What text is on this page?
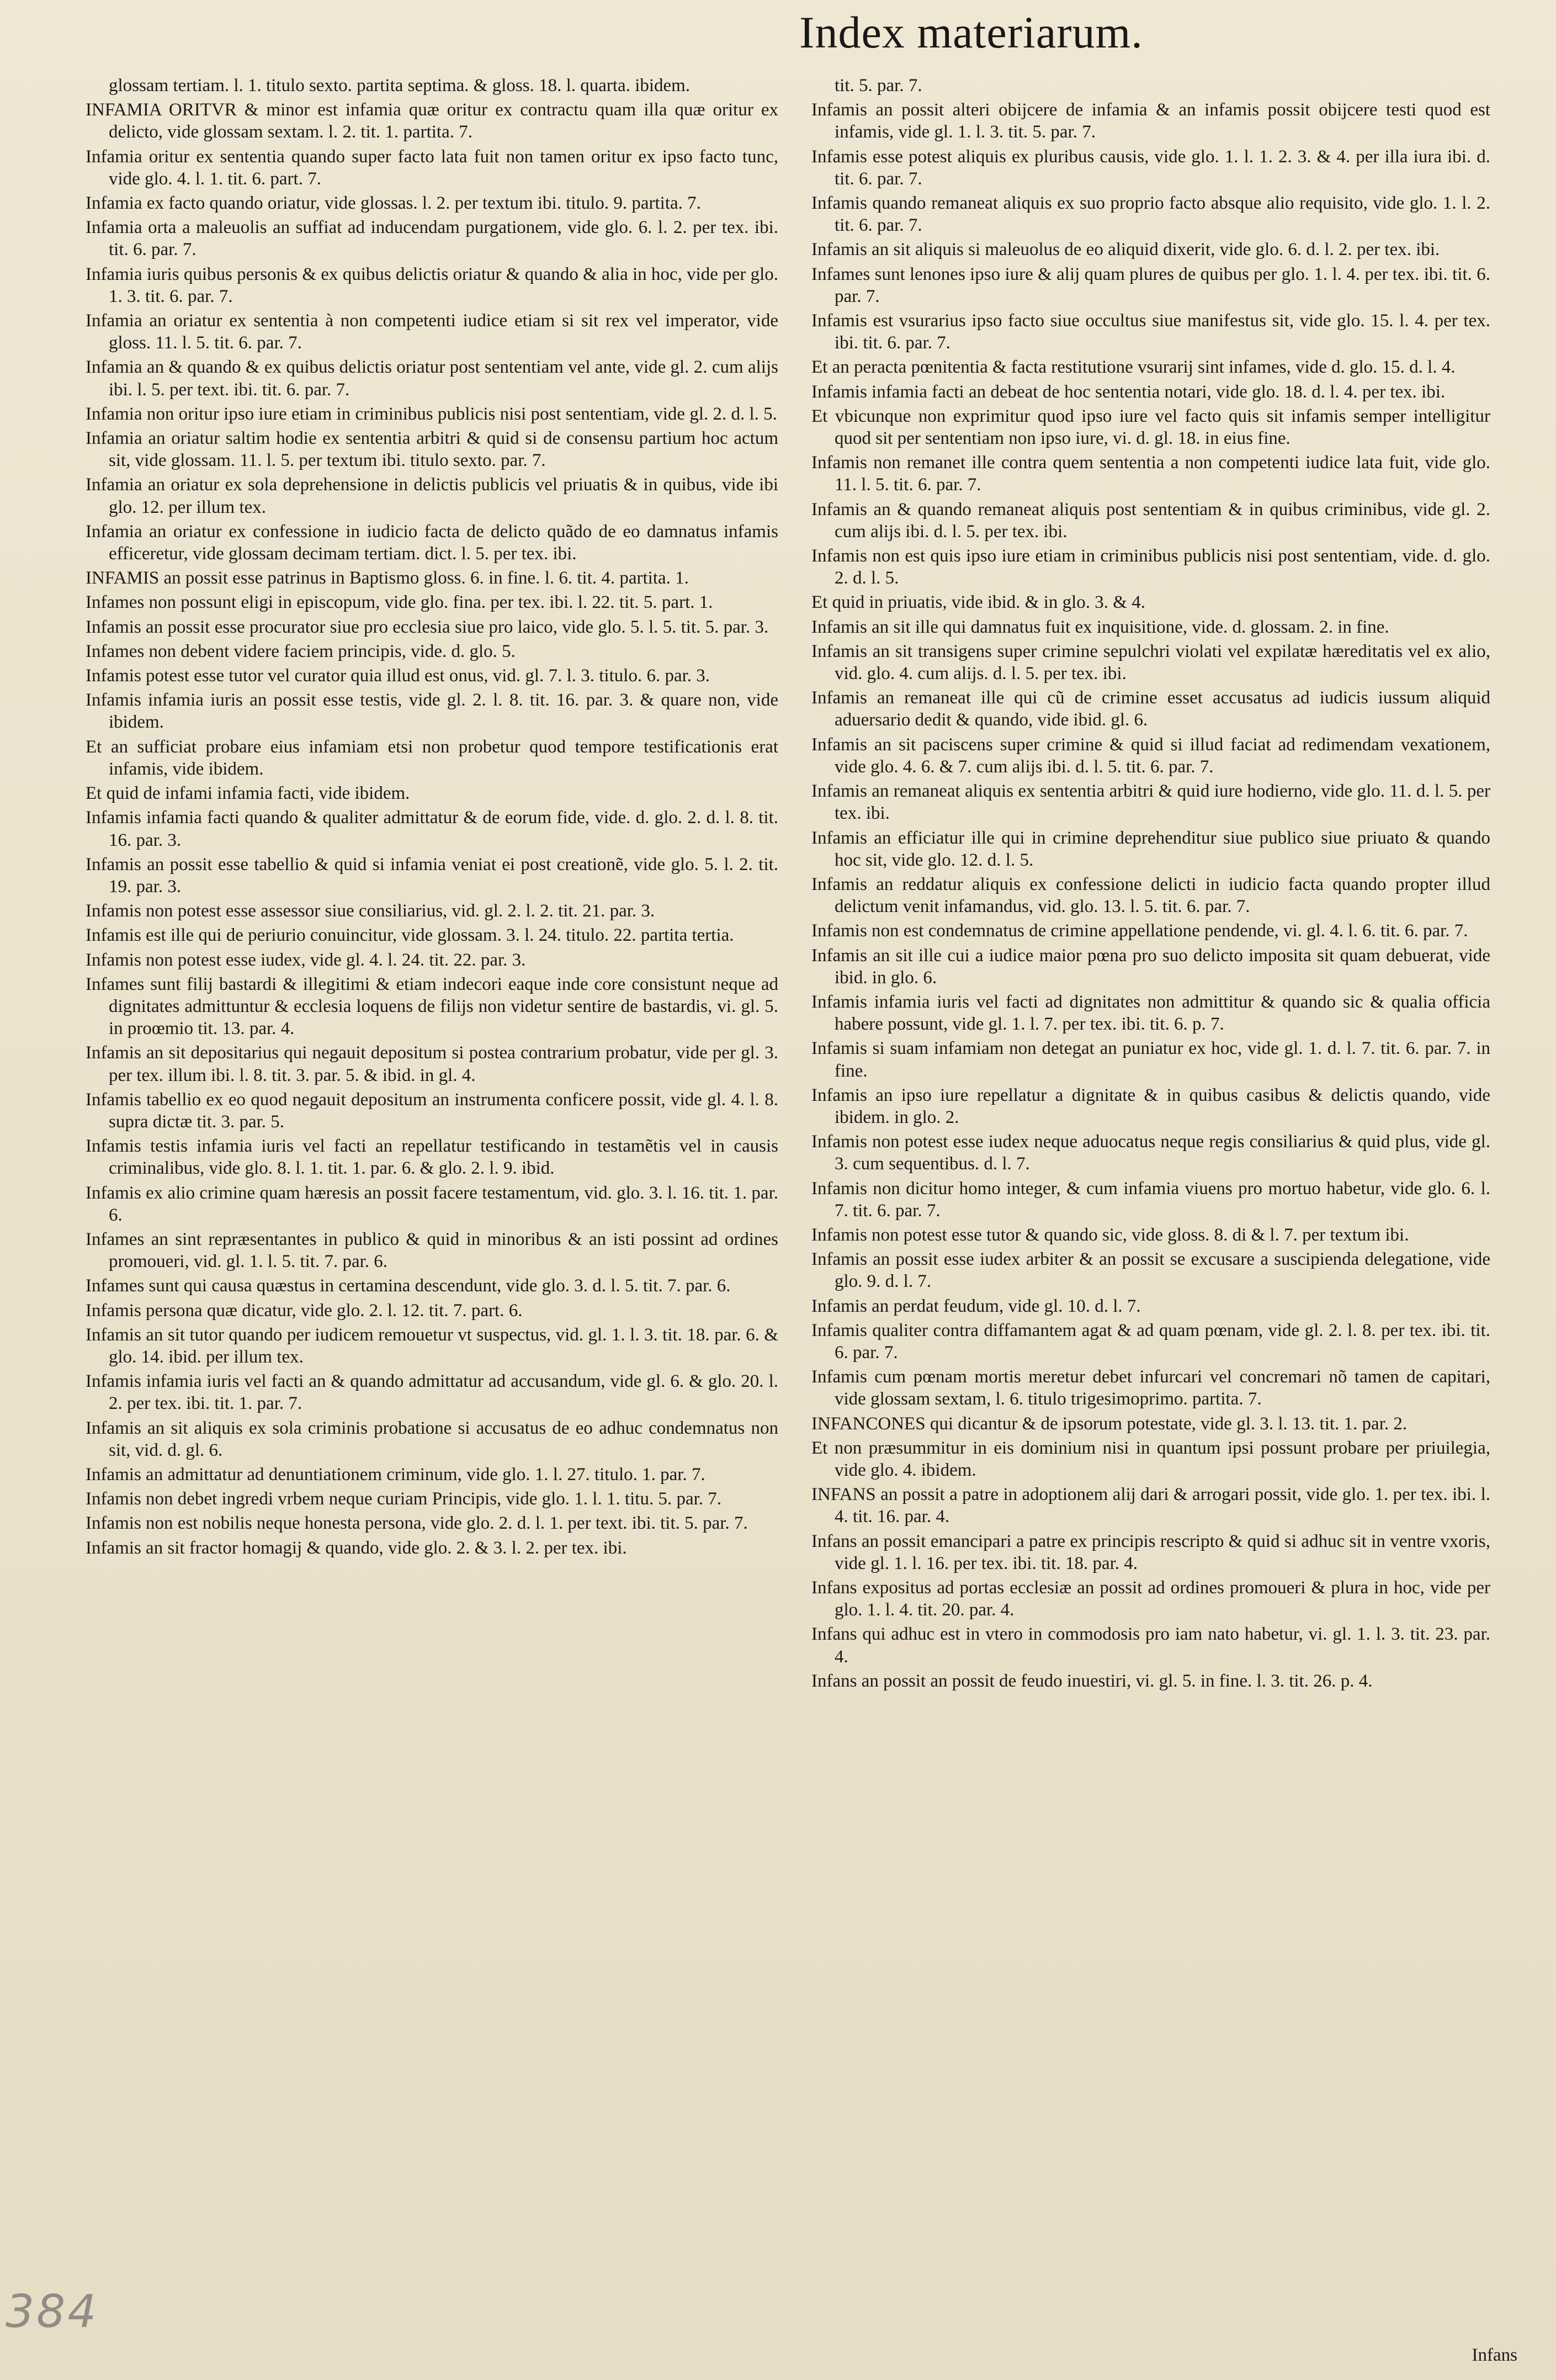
Index materiarum.
glossam tertiam. l. 1. titulo sexto. partita septima. & gloss. 18. l. quarta. ibidem.
INFAMIA ORITVR & minor est infamia quæ oritur ex contractu quam illa quæ oritur ex delicto, vide glossam sextam. l. 2. tit. 1. partita. 7.
Infamia oritur ex sententia quando super facto lata fuit non tamen oritur ex ipso facto tunc, vide glo. 4. l. 1. tit. 6. part. 7.
Infamia ex facto quando oriatur, vide glossas. l. 2. per textum ibi. titulo. 9. partita. 7.
Infamia orta a maleuolis an suffiat ad inducendam purgationem, vide glo. 6. l. 2. per tex. ibi. tit. 6. par. 7.
Infamia iuris quibus personis & ex quibus delictis oriatur & quando & alia in hoc, vide per glo. 1. 3. tit. 6. par. 7.
Infamia an oriatur ex sententia à non competenti iudice etiam si sit rex vel imperator, vide gloss. 11. l. 5. tit. 6. par. 7.
Infamia an & quando & ex quibus delictis oriatur post sententiam vel ante, vide gl. 2. cum alijs ibi. l. 5. per text. ibi. tit. 6. par. 7.
Infamia non oritur ipso iure etiam in criminibus publicis nisi post sententiam, vide gl. 2. d. l. 5.
Infamia an oriatur saltim hodie ex sententia arbitri & quid si de consensu partium hoc actum sit, vide glossam. 11. l. 5. per textum ibi. titulo sexto. par. 7.
Infamia an oriatur ex sola deprehensione in delictis publicis vel priuatis & in quibus, vide ibi glo. 12. per illum tex.
Infamia an oriatur ex confessione in iudicio facta de delicto quãdo de eo damnatus infamis efficeretur, vide glossam decimam tertiam. dict. l. 5. per tex. ibi.
INFAMIS an possit esse patrinus in Baptismo gloss. 6. in fine. l. 6. tit. 4. partita. 1.
Infames non possunt eligi in episcopum, vide glo. fina. per tex. ibi. l. 22. tit. 5. part. 1.
Infamis an possit esse procurator siue pro ecclesia siue pro laico, vide glo. 5. l. 5. tit. 5. par. 3.
Infames non debent videre faciem principis, vide. d. glo. 5.
Infamis potest esse tutor vel curator quia illud est onus, vid. gl. 7. l. 3. titulo. 6. par. 3.
Infamis infamia iuris an possit esse testis, vide gl. 2. l. 8. tit. 16. par. 3. & quare non, vide ibidem.
Et an sufficiat probare eius infamiam etsi non probetur quod tempore testificationis erat infamis, vide ibidem.
Et quid de infami infamia facti, vide ibidem.
Infamis infamia facti quando & qualiter admittatur & de eorum fide, vide. d. glo. 2. d. l. 8. tit. 16. par. 3.
Infamis an possit esse tabellio & quid si infamia veniat ei post creationẽ, vide glo. 5. l. 2. tit. 19. par. 3.
Infamis non potest esse assessor siue consiliarius, vid. gl. 2. l. 2. tit. 21. par. 3.
Infamis est ille qui de periurio conuincitur, vide glossam. 3. l. 24. titulo. 22. partita tertia.
Infamis non potest esse iudex, vide gl. 4. l. 24. tit. 22. par. 3.
Infames sunt filij bastardi & illegitimi & etiam indecori eaque inde core consistunt neque ad dignitates admittuntur & ecclesia loquens de filijs non videtur sentire de bastardis, vi. gl. 5. in proœmio tit. 13. par. 4.
Infamis an sit depositarius qui negauit depositum si postea contrarium probatur, vide per gl. 3. per tex. illum ibi. l. 8. tit. 3. par. 5. & ibid. in gl. 4.
Infamis tabellio ex eo quod negauit depositum an instrumenta conficere possit, vide gl. 4. l. 8. supra dictæ tit. 3. par. 5.
Infamis testis infamia iuris vel facti an repellatur testificando in testamẽtis vel in causis criminalibus, vide glo. 8. l. 1. tit. 1. par. 6. & glo. 2. l. 9. ibid.
Infamis ex alio crimine quam hæresis an possit facere testamentum, vid. glo. 3. l. 16. tit. 1. par. 6.
Infames an sint repræsentantes in publico & quid in minoribus & an isti possint ad ordines promoueri, vid. gl. 1. l. 5. tit. 7. par. 6.
Infames sunt qui causa quæstus in certamina descendunt, vide glo. 3. d. l. 5. tit. 7. par. 6.
Infamis persona quæ dicatur, vide glo. 2. l. 12. tit. 7. part. 6.
Infamis an sit tutor quando per iudicem remouetur vt suspectus, vid. gl. 1. l. 3. tit. 18. par. 6. & glo. 14. ibid. per illum tex.
Infamis infamia iuris vel facti an & quando admittatur ad accusandum, vide gl. 6. & glo. 20. l. 2. per tex. ibi. tit. 1. par. 7.
Infamis an sit aliquis ex sola criminis probatione si accusatus de eo adhuc condemnatus non sit, vid. d. gl. 6.
Infamis an admittatur ad denuntiationem criminum, vide glo. 1. l. 27. titulo. 1. par. 7.
Infamis non debet ingredi vrbem neque curiam Principis, vide glo. 1. l. 1. titu. 5. par. 7.
Infamis non est nobilis neque honesta persona, vide glo. 2. d. l. 1. per text. ibi. tit. 5. par. 7.
Infamis an sit fractor homagij & quando, vide glo. 2. & 3. l. 2. per tex. ibi.
tit. 5. par. 7.
Infamis an possit alteri obijcere de infamia & an infamis possit obijcere testi quod est infamis, vide gl. 1. l. 3. tit. 5. par. 7.
Infamis esse potest aliquis ex pluribus causis, vide glo. 1. l. 1. 2. 3. & 4. per illa iura ibi. d. tit. 6. par. 7.
Infamis quando remaneat aliquis ex suo proprio facto absque alio requisito, vide glo. 1. l. 2. tit. 6. par. 7.
Infamis an sit aliquis si maleuolus de eo aliquid dixerit, vide glo. 6. d. l. 2. per tex. ibi.
Infames sunt lenones ipso iure & alij quam plures de quibus per glo. 1. l. 4. per tex. ibi. tit. 6. par. 7.
Infamis est vsurarius ipso facto siue occultus siue manifestus sit, vide glo. 15. l. 4. per tex. ibi. tit. 6. par. 7.
Et an peracta pœnitentia & facta restitutione vsurarij sint infames, vide d. glo. 15. d. l. 4.
Infamis infamia facti an debeat de hoc sententia notari, vide glo. 18. d. l. 4. per tex. ibi.
Et vbicunque non exprimitur quod ipso iure vel facto quis sit infamis semper intelligitur quod sit per sententiam non ipso iure, vi. d. gl. 18. in eius fine.
Infamis non remanet ille contra quem sententia a non competenti iudice lata fuit, vide glo. 11. l. 5. tit. 6. par. 7.
Infamis an & quando remaneat aliquis post sententiam & in quibus criminibus, vide gl. 2. cum alijs ibi. d. l. 5. per tex. ibi.
Infamis non est quis ipso iure etiam in criminibus publicis nisi post sententiam, vide. d. glo. 2. d. l. 5.
Et quid in priuatis, vide ibid. & in glo. 3. & 4.
Infamis an sit ille qui damnatus fuit ex inquisitione, vide. d. glossam. 2. in fine.
Infamis an sit transigens super crimine sepulchri violati vel expilatæ hæreditatis vel ex alio, vid. glo. 4. cum alijs. d. l. 5. per tex. ibi.
Infamis an remaneat ille qui cũ de crimine esset accusatus ad iudicis iussum aliquid aduersario dedit & quando, vide ibid. gl. 6.
Infamis an sit paciscens super crimine & quid si illud faciat ad redimendam vexationem, vide glo. 4. 6. & 7. cum alijs ibi. d. l. 5. tit. 6. par. 7.
Infamis an remaneat aliquis ex sententia arbitri & quid iure hodierno, vide glo. 11. d. l. 5. per tex. ibi.
Infamis an efficiatur ille qui in crimine deprehenditur siue publico siue priuato & quando hoc sit, vide glo. 12. d. l. 5.
Infamis an reddatur aliquis ex confessione delicti in iudicio facta quando propter illud delictum venit infamandus, vid. glo. 13. l. 5. tit. 6. par. 7.
Infamis non est condemnatus de crimine appellatione pendende, vi. gl. 4. l. 6. tit. 6. par. 7.
Infamis an sit ille cui a iudice maior pœna pro suo delicto imposita sit quam debuerat, vide ibid. in glo. 6.
Infamis infamia iuris vel facti ad dignitates non admittitur & quando sic & qualia officia habere possunt, vide gl. 1. l. 7. per tex. ibi. tit. 6. p. 7.
Infamis si suam infamiam non detegat an puniatur ex hoc, vide gl. 1. d. l. 7. tit. 6. par. 7. in fine.
Infamis an ipso iure repellatur a dignitate & in quibus casibus & delictis quando, vide ibidem. in glo. 2.
Infamis non potest esse iudex neque aduocatus neque regis consiliarius & quid plus, vide gl. 3. cum sequentibus. d. l. 7.
Infamis non dicitur homo integer, & cum infamia viuens pro mortuo habetur, vide glo. 6. l. 7. tit. 6. par. 7.
Infamis non potest esse tutor & quando sic, vide gloss. 8. di & l. 7. per textum ibi.
Infamis an possit esse iudex arbiter & an possit se excusare a suscipienda delegatione, vide glo. 9. d. l. 7.
Infamis an perdat feudum, vide gl. 10. d. l. 7.
Infamis qualiter contra diffamantem agat & ad quam pœnam, vide gl. 2. l. 8. per tex. ibi. tit. 6. par. 7.
Infamis cum pœnam mortis meretur debet infurcari vel concremari nõ tamen de capitari, vide glossam sextam, l. 6. titulo trigesimoprimo. partita. 7.
INFANCONES qui dicantur & de ipsorum potestate, vide gl. 3. l. 13. tit. 1. par. 2.
Et non præsummitur in eis dominium nisi in quantum ipsi possunt probare per priuilegia, vide glo. 4. ibidem.
INFANS an possit a patre in adoptionem alij dari & arrogari possit, vide glo. 1. per tex. ibi. l. 4. tit. 16. par. 4.
Infans an possit emancipari a patre ex principis rescripto & quid si adhuc sit in ventre vxoris, vide gl. 1. l. 16. per tex. ibi. tit. 18. par. 4.
Infans expositus ad portas ecclesiæ an possit ad ordines promoueri & plura in hoc, vide per glo. 1. l. 4. tit. 20. par. 4.
Infans qui adhuc est in vtero in commodosis pro iam nato habetur, vi. gl. 1. l. 3. tit. 23. par. 4.
Infans an possit an possit de feudo inuestiri, vi. gl. 5. in fine. l. 3. tit. 26. p. 4.
Infans
384
